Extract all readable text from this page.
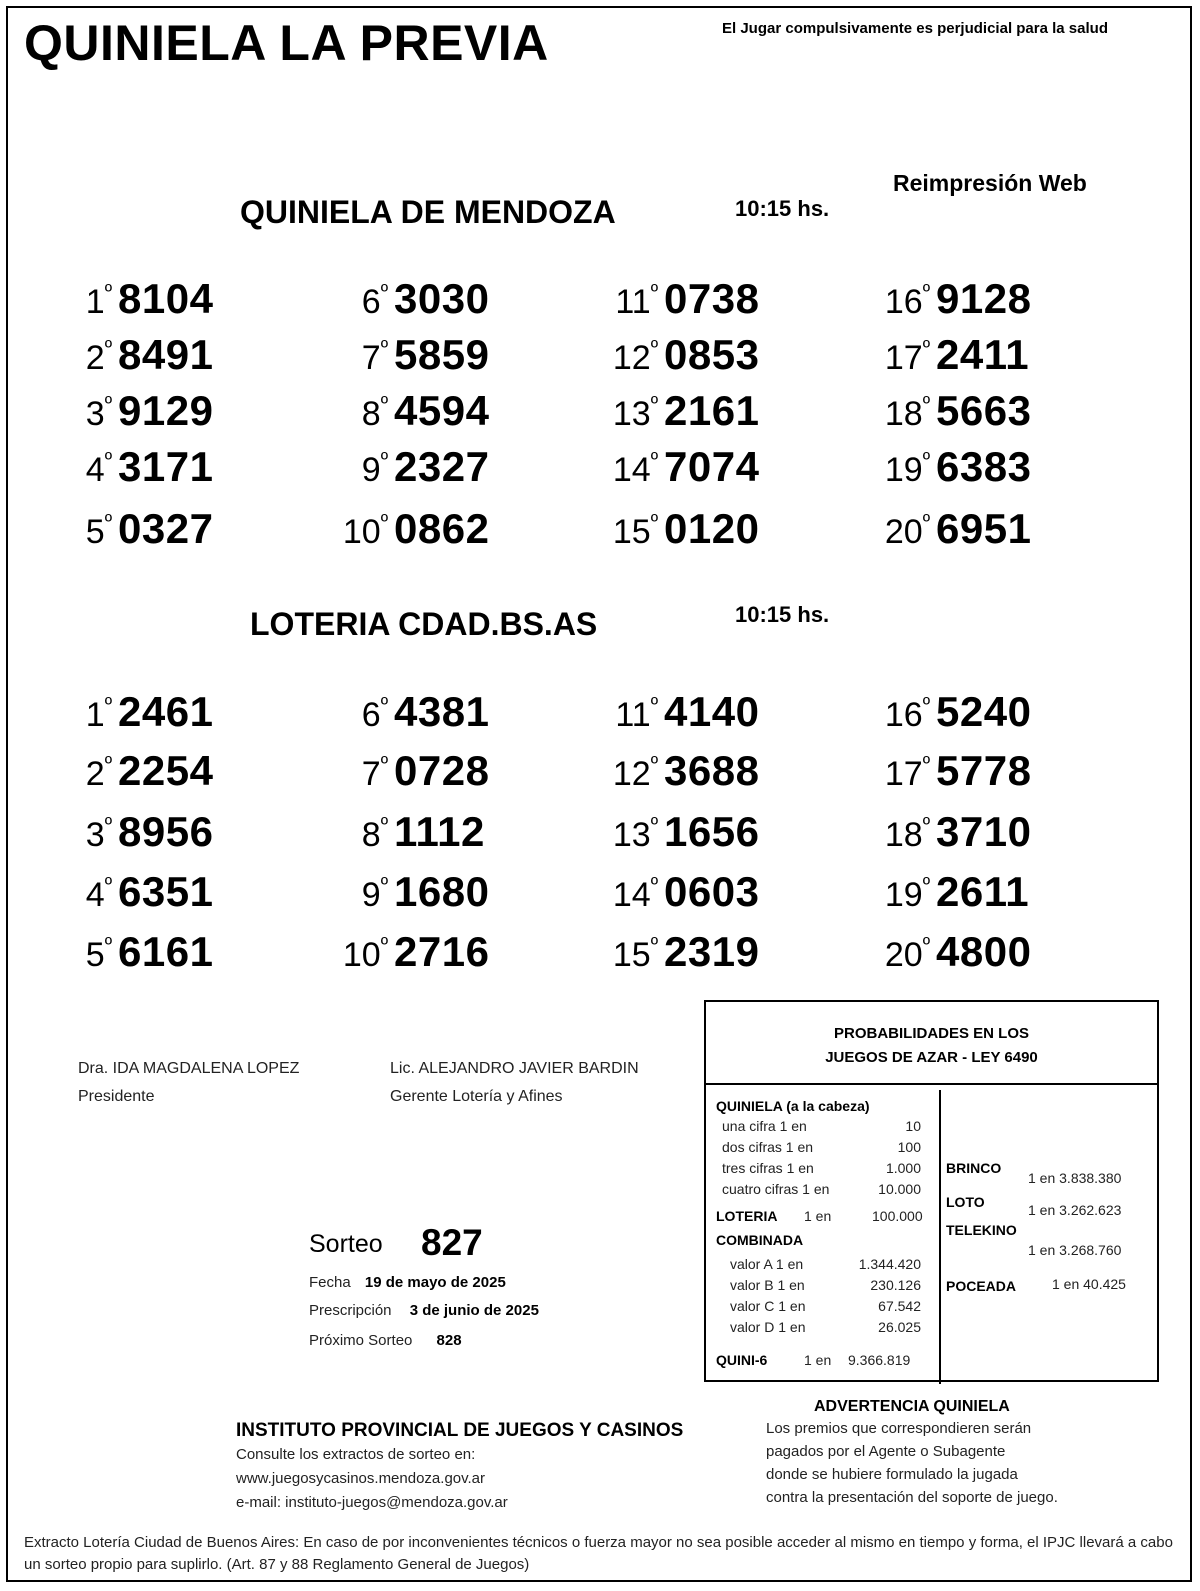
QUINIELA LA PREVIA	El Jugar compulsivamente es perjudicial para la salud
Reimpresión Web
QUINIELA DE MENDOZA	10:15 hs.
$1^º$ 8104
$2^º$ 8491
$3^º$ 9129
$4^º$ 3171
$5^º$ 0327
$6^º$ 3030
$7^º$ 5859
$8^º$ 4594
$9^º$ 2327
$10^º$ 0862
$11^º$ 0738
$12^º$ 0853
$13^º$ 2161
$14^º$ 7074
$15^º$ 0120
$16^º$ 9128
$17^º$ 2411
$18^º$ 5663
$19^º$ 6383
$20^º$ 6951
LOTERIA CDAD.BS.AS	10:15 hs.
$1^º$ 2461
$2^º$ 2254
$3^º$ 8956
$4^º$ 6351
$5^º$ 6161
$6^º$ 4381
$7^º$ 0728
$8^º$ 1112
$9^º$ 1680
$10^º$ 2716
$11^º$ 4140
$12^º$ 3688
$13^º$ 1656
$14^º$ 0603
$15^º$ 2319
$16^º$ 5240
$17^º$ 5778
$18^º$ 3710
$19^º$ 2611
$20^º$ 4800
Dra. IDA MAGDALENA LOPEZ
Presidente
Lic. ALEJANDRO JAVIER BARDIN
Gerente Lotería y Afines
Sorteo 827
Fecha 19 de mayo de 2025
Prescripción 3 de junio de 2025
Próximo Sorteo 828
PROBABILIDADES EN LOS
JUEGOS DE AZAR - LEY 6490
QUINIELA (a la cabeza)
una cifra 1 en	10
dos cifras 1 en	100
tres cifras 1 en	1.000
cuatro cifras 1 en	10.000
LOTERIA 1 en	100.000
COMBINADA
valor A 1 en	1.344.420
valor B 1 en	230.126
valor C 1 en	67.542
valor D 1 en	26.025
QUINI-6	1 en 9.366.819
BRINCO
1 en 3.838.380
LOTO	1 en 3.262.623
TELEKINO
1 en 3.268.760
POCEADA	1 en 40.425
ADVERTENCIA QUINIELA
Los premios que correspondieren serán
pagados por el Agente o Subagente
donde se hubiere formulado la jugada
contra la presentación del soporte de juego.
INSTITUTO PROVINCIAL DE JUEGOS Y CASINOS
Consulte los extractos de sorteo en:
www.juegosycasinos.mendoza.gov.ar
e-mail: instituto-juegos@mendoza.gov.ar
Extracto Lotería Ciudad de Buenos Aires: En caso de por inconvenientes técnicos o fuerza mayor no sea posible acceder al mismo en tiempo y forma, el IPJC llevará a cabo un sorteo propio para suplirlo. (Art. 87 y 88 Reglamento General de Juegos)
